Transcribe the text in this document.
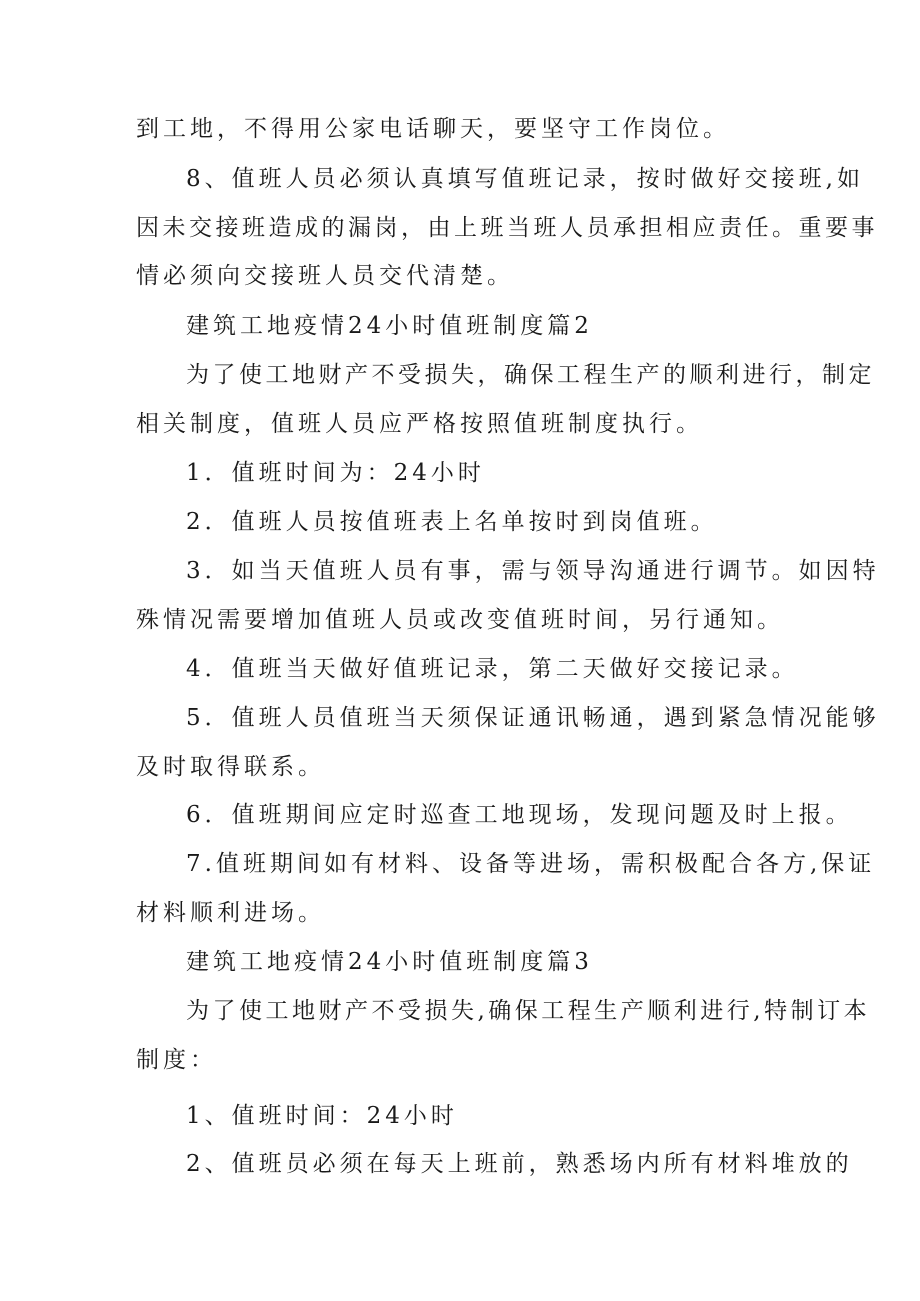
到工地，不得用公家电话聊天，要坚守工作岗位。
8、值班人员必须认真填写值班记录，按时做好交接班,如
因未交接班造成的漏岗，由上班当班人员承担相应责任。重要事
情必须向交接班人员交代清楚。
建筑工地疫情24小时值班制度篇2
为了使工地财产不受损失，确保工程生产的顺利进行，制定
相关制度，值班人员应严格按照值班制度执行。
1．值班时间为：24小时
2．值班人员按值班表上名单按时到岗值班。
3．如当天值班人员有事，需与领导沟通进行调节。如因特
殊情况需要增加值班人员或改变值班时间，另行通知。
4．值班当天做好值班记录，第二天做好交接记录。
5．值班人员值班当天须保证通讯畅通，遇到紧急情况能够
及时取得联系。
6．值班期间应定时巡查工地现场，发现问题及时上报。
7.值班期间如有材料、设备等进场，需积极配合各方,保证
材料顺利进场。
建筑工地疫情24小时值班制度篇3
为了使工地财产不受损失,确保工程生产顺利进行,特制订本
制度：
1、值班时间：24小时
2、值班员必须在每天上班前，熟悉场内所有材料堆放的
